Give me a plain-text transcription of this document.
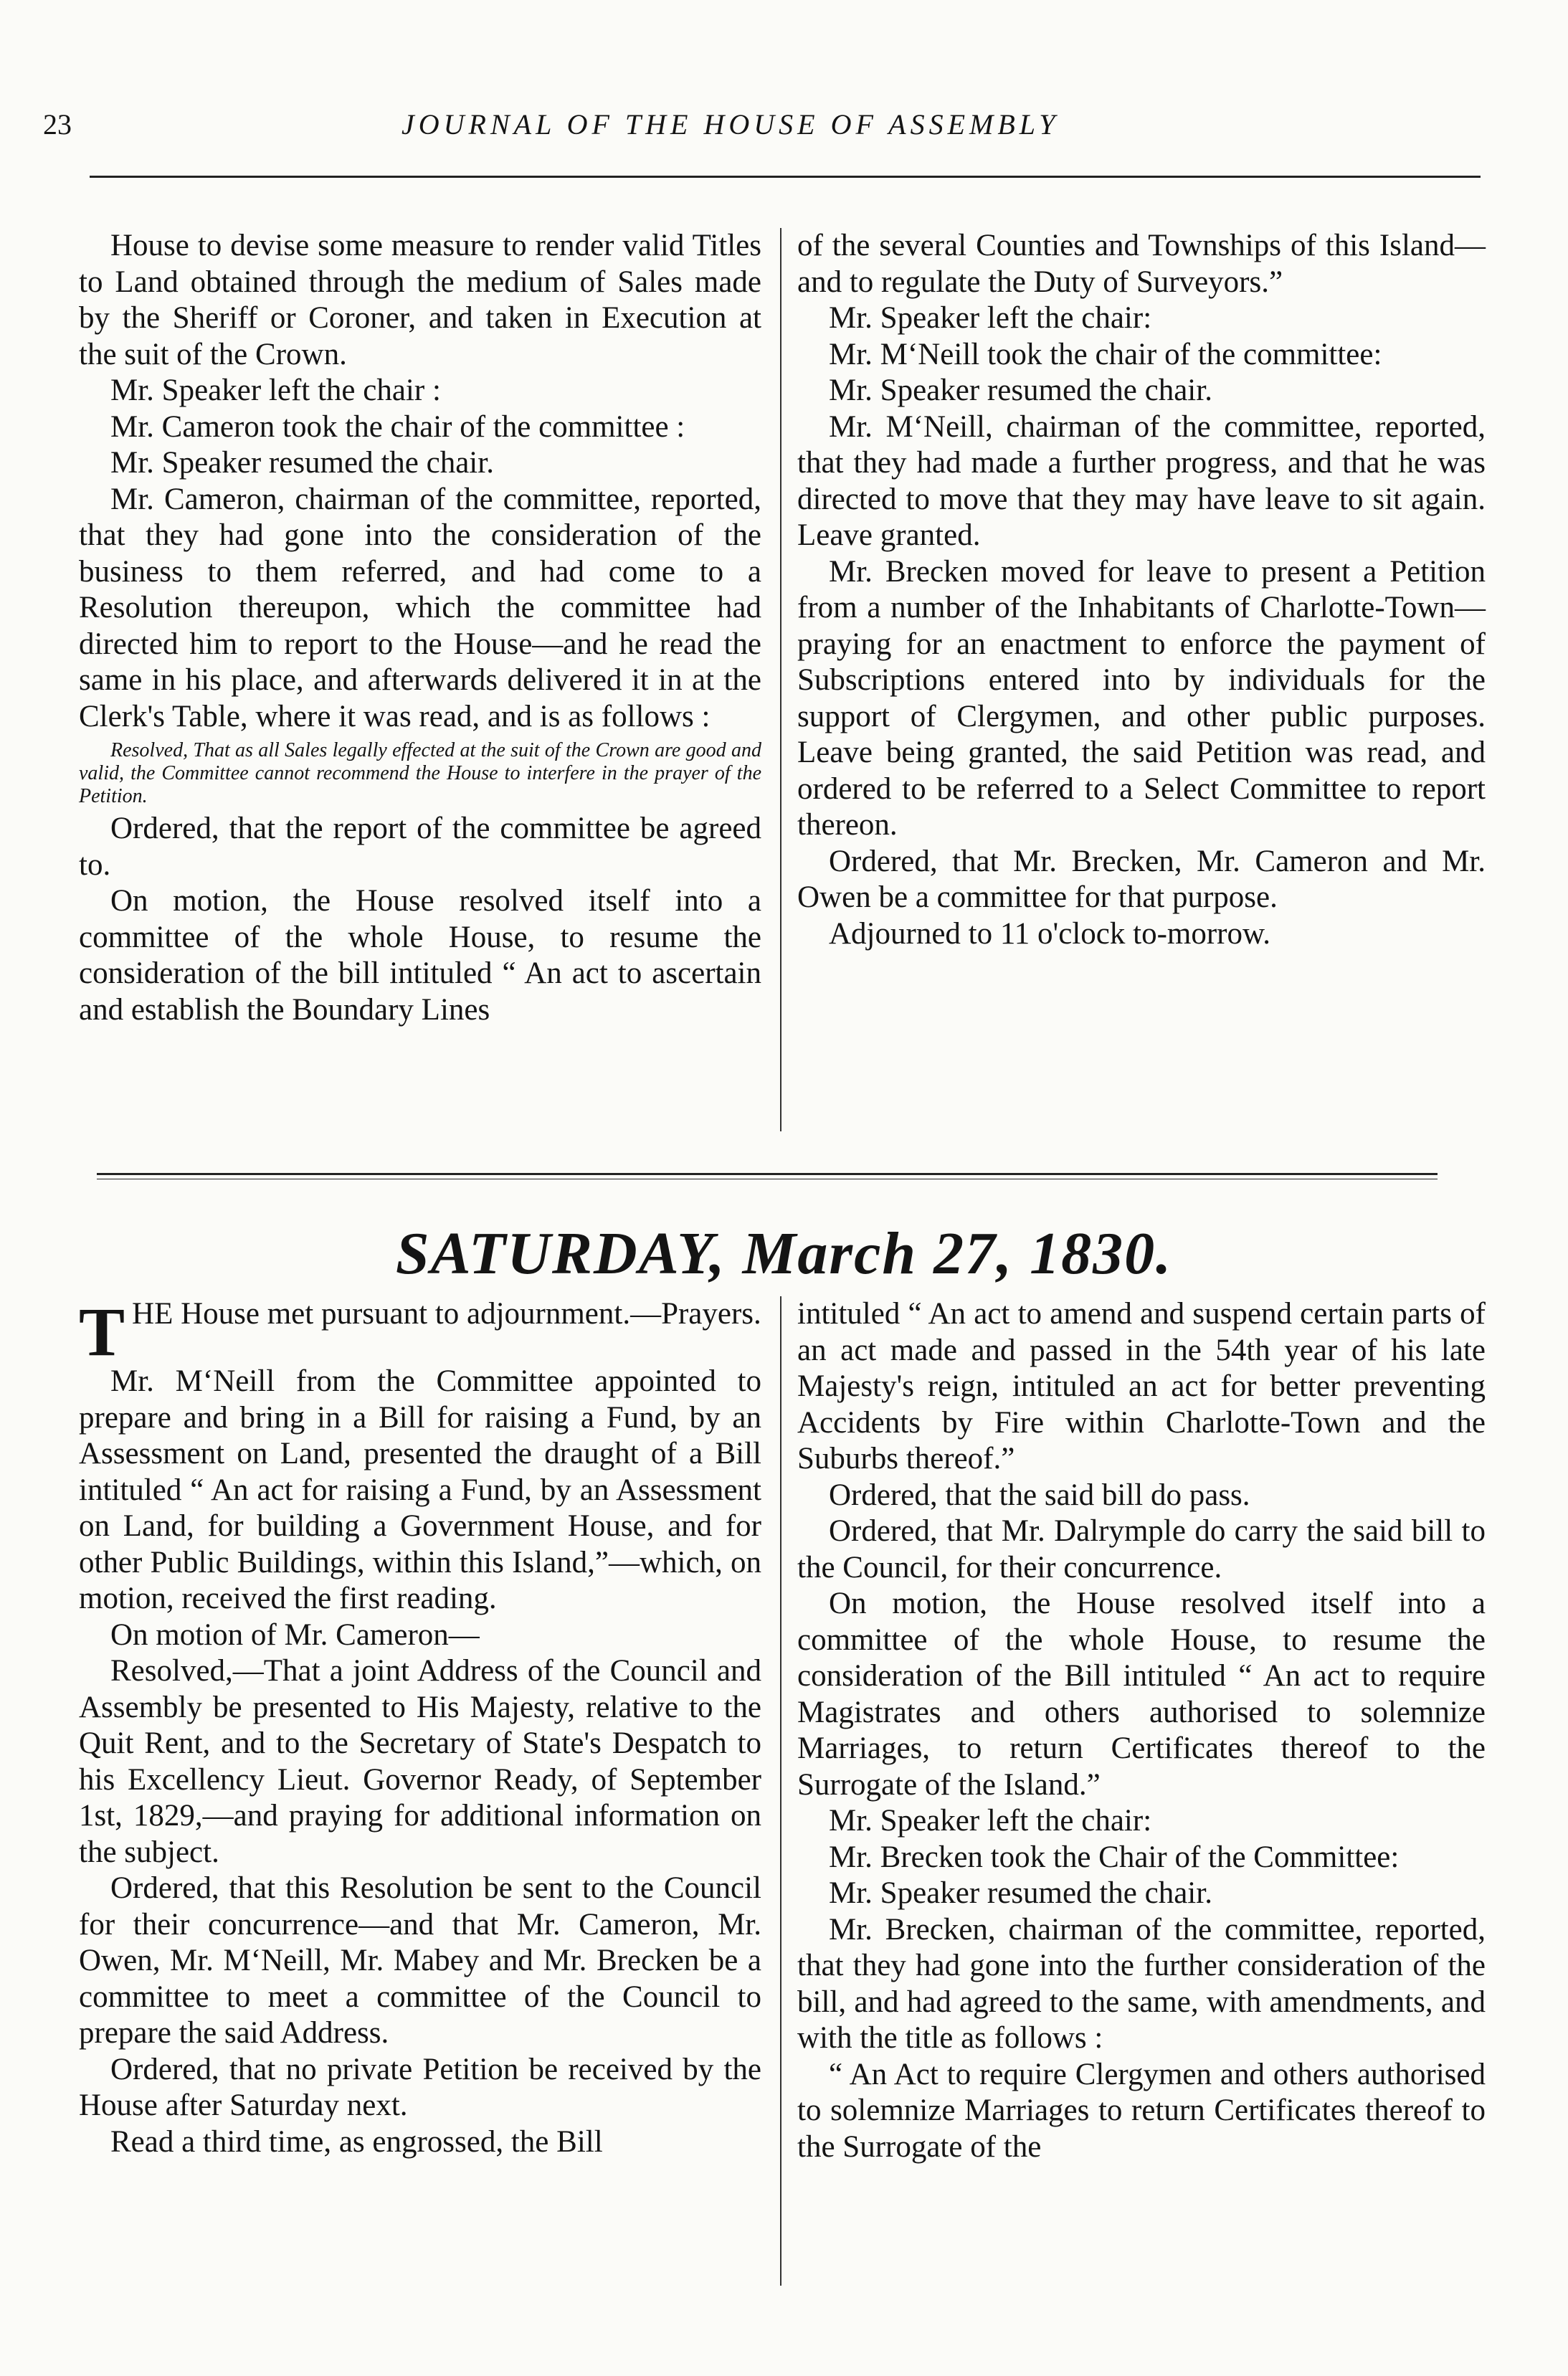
23	JOURNAL OF THE HOUSE OF ASSEMBLY

House to devise some measure to render valid Titles to Land obtained through the medium of Sales made by the Sheriff or Coroner, and taken in Execution at the suit of the Crown.

Mr. Speaker left the chair :

Mr. Cameron took the chair of the committee :

Mr. Speaker resumed the chair.

Mr. Cameron, chairman of the committee, reported, that they had gone into the consideration of the business to them referred, and had come to a Resolution thereupon, which the committee had directed him to report to the House—and he read the same in his place, and afterwards delivered it in at the Clerk's Table, where it was read, and is as follows :

Resolved, That as all Sales legally effected at the suit of the Crown are good and valid, the Committee cannot recommend the House to interfere in the prayer of the Petition.

Ordered, that the report of the committee be agreed to.

On motion, the House resolved itself into a committee of the whole House, to resume the consideration of the bill intituled “ An act to ascertain and establish the Boundary Lines

of the several Counties and Townships of this Island—and to regulate the Duty of Surveyors.”

Mr. Speaker left the chair:

Mr. M‘Neill took the chair of the committee:

Mr. Speaker resumed the chair.

Mr. M‘Neill, chairman of the committee, reported, that they had made a further progress, and that he was directed to move that they may have leave to sit again. Leave granted.

Mr. Brecken moved for leave to present a Petition from a number of the Inhabitants of Charlotte-Town—praying for an enactment to enforce the payment of Subscriptions entered into by individuals for the support of Clergymen, and other public purposes. Leave being granted, the said Petition was read, and ordered to be referred to a Select Committee to report thereon.

Ordered, that Mr. Brecken, Mr. Cameron and Mr. Owen be a committee for that purpose.

Adjourned to 11 o'clock to-morrow.

SATURDAY, March 27, 1830.

THE House met pursuant to adjournment.—Prayers.

Mr. M‘Neill from the Committee appointed to prepare and bring in a Bill for raising a Fund, by an Assessment on Land, presented the draught of a Bill intituled “ An act for raising a Fund, by an Assessment on Land, for building a Government House, and for other Public Buildings, within this Island,”—which, on motion, received the first reading.

On motion of Mr. Cameron—

Resolved,—That a joint Address of the Council and Assembly be presented to His Majesty, relative to the Quit Rent, and to the Secretary of State's Despatch to his Excellency Lieut. Governor Ready, of September 1st, 1829,—and praying for additional information on the subject.

Ordered, that this Resolution be sent to the Council for their concurrence—and that Mr. Cameron, Mr. Owen, Mr. M‘Neill, Mr. Mabey and Mr. Brecken be a committee to meet a committee of the Council to prepare the said Address.

Ordered, that no private Petition be received by the House after Saturday next.

Read a third time, as engrossed, the Bill

intituled “ An act to amend and suspend certain parts of an act made and passed in the 54th year of his late Majesty's reign, intituled an act for better preventing Accidents by Fire within Charlotte-Town and the Suburbs thereof.”

Ordered, that the said bill do pass.

Ordered, that Mr. Dalrymple do carry the said bill to the Council, for their concurrence.

On motion, the House resolved itself into a committee of the whole House, to resume the consideration of the Bill intituled “ An act to require Magistrates and others authorised to solemnize Marriages, to return Certificates thereof to the Surrogate of the Island.”

Mr. Speaker left the chair:

Mr. Brecken took the Chair of the Committee:

Mr. Speaker resumed the chair.

Mr. Brecken, chairman of the committee, reported, that they had gone into the further consideration of the bill, and had agreed to the same, with amendments, and with the title as follows :

“ An Act to require Clergymen and others authorised to solemnize Marriages to return Certificates thereof to the Surrogate of the
